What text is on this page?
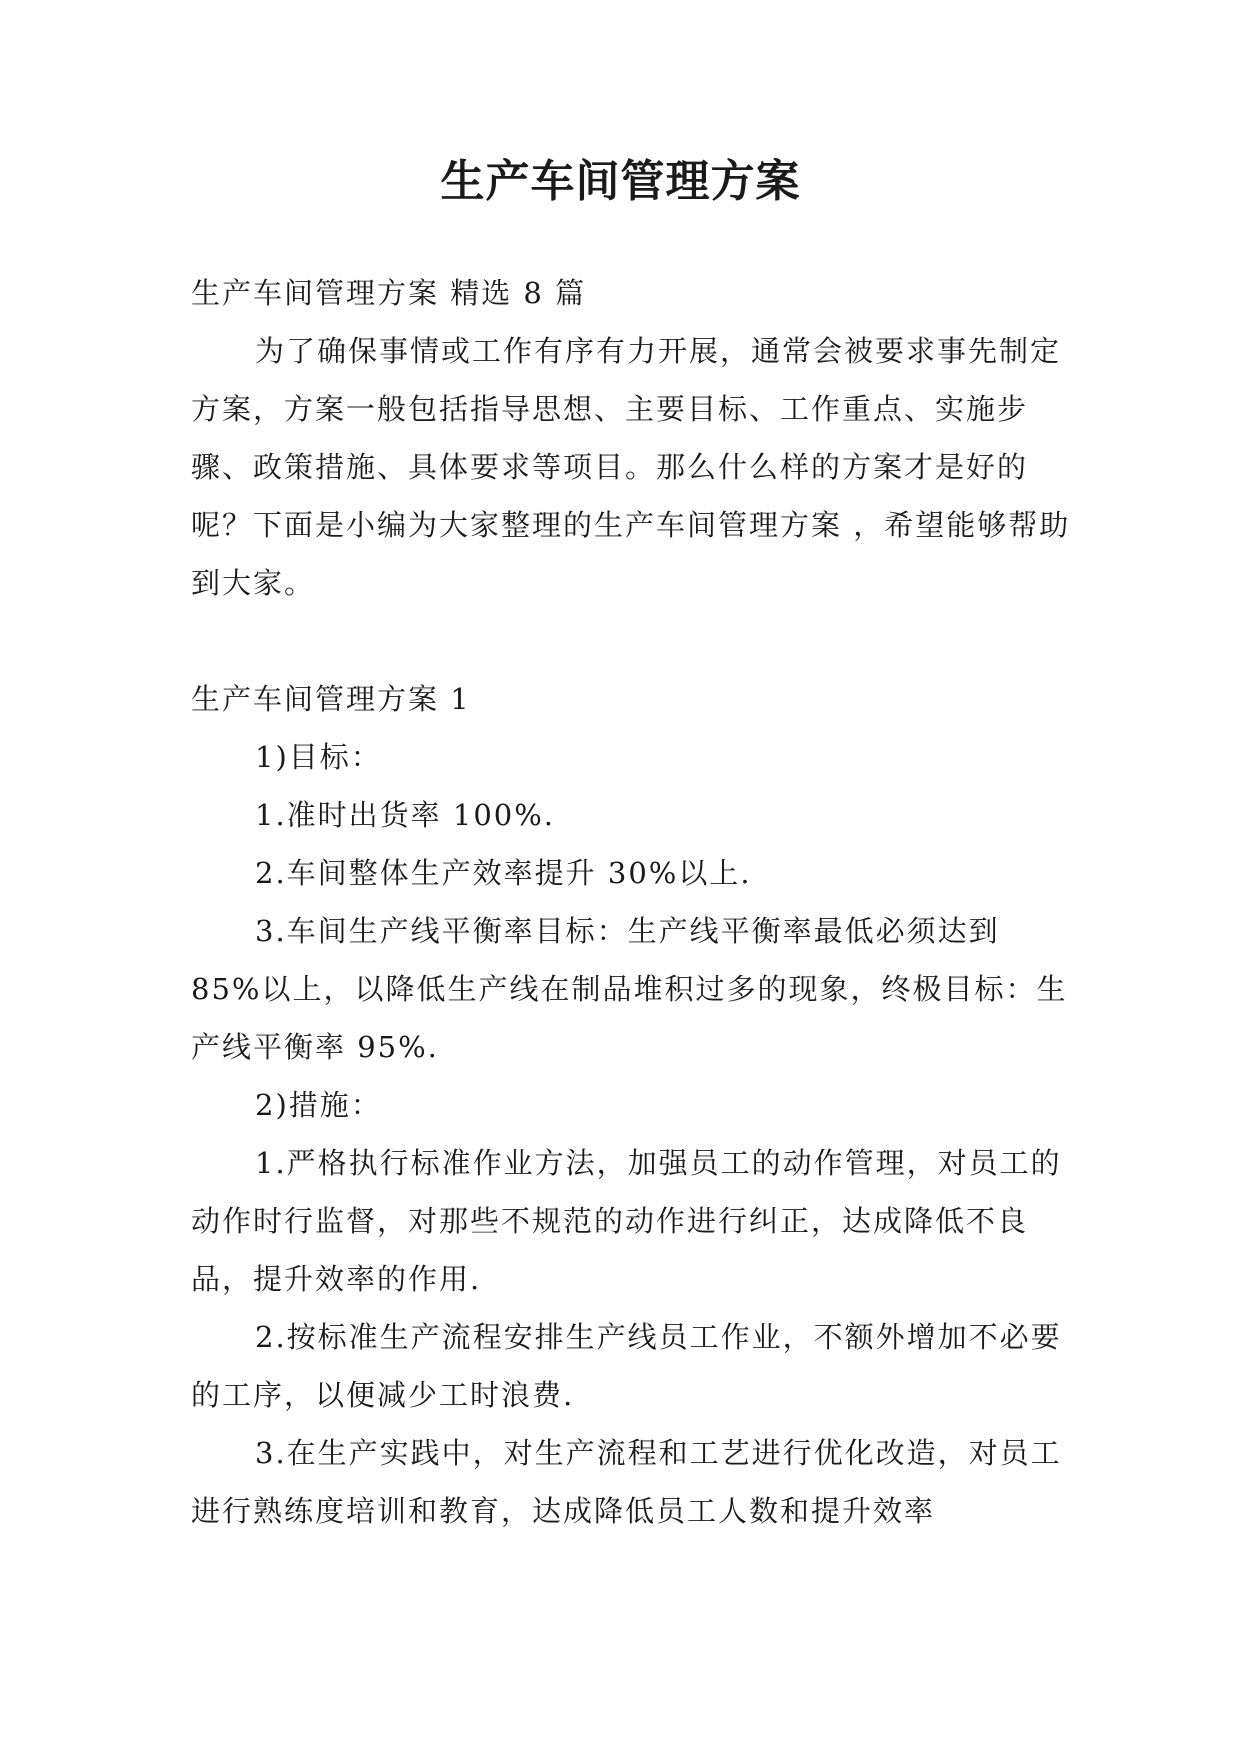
生产车间管理方案

生产车间管理方案 精选 8 篇

为了确保事情或工作有序有力开展，通常会被要求事先制定方案，方案一般包括指导思想、主要目标、工作重点、实施步骤、政策措施、具体要求等项目。那么什么样的方案才是好的呢？下面是小编为大家整理的生产车间管理方案 ，希望能够帮助到大家。

生产车间管理方案 1

1)目标：

1.准时出货率 100%.

2.车间整体生产效率提升 30%以上.

3.车间生产线平衡率目标：生产线平衡率最低必须达到 85%以上，以降低生产线在制品堆积过多的现象，终极目标：生产线平衡率 95%.

2)措施：

1.严格执行标准作业方法，加强员工的动作管理，对员工的动作时行监督，对那些不规范的动作进行纠正，达成降低不良品，提升效率的作用.

2.按标准生产流程安排生产线员工作业，不额外增加不必要的工序，以便减少工时浪费.

3.在生产实践中，对生产流程和工艺进行优化改造，对员工进行熟练度培训和教育，达成降低员工人数和提升效率
